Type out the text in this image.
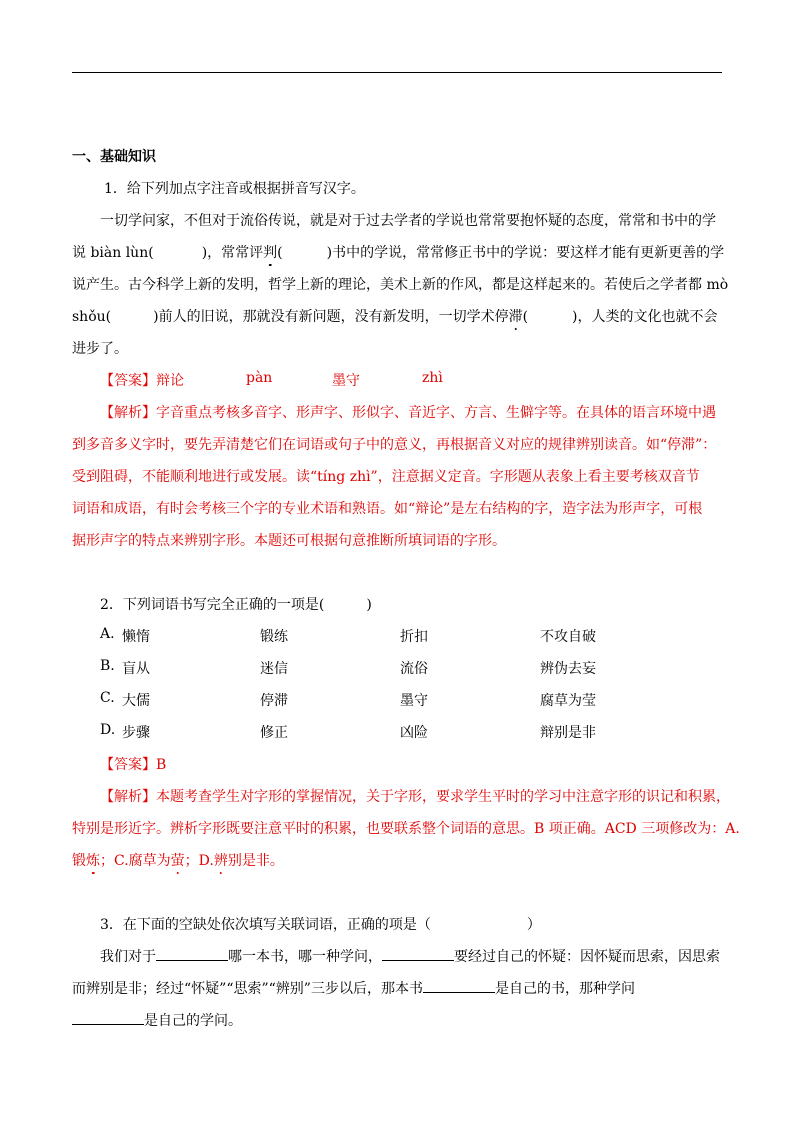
一、基础知识
1．给下列加点字注音或根据拼音写汉字。
一切学问家，不但对于流俗传说，就是对于过去学者的学说也常常要抱怀疑的态度，常常和书中的学
说 biàn lùn(	)，常常评判(	)书中的学说，常常修正书中的学说：要这样才能有更新更善的学
说产生。古今科学上新的发明，哲学上新的理论，美术上新的作风，都是这样起来的。若使后之学者都 mò
shǒu(	)前人的旧说，那就没有新问题，没有新发明，一切学术停滞(	)，人类的文化也就不会
进步了。
【答案】 辩论	pàn	墨守	zhì
【解析】字音重点考核多音字、形声字、形似字、音近字、方言、生僻字等。在具体的语言环境中遇
到多音多义字时，要先弄清楚它们在词语或句子中的意义，再根据音义对应的规律辨别读音。如“停滞”：
受到阻碍，不能顺利地进行或发展。读“tíng zhì”，注意据义定音。字形题从表象上看主要考核双音节
词语和成语，有时会考核三个字的专业术语和熟语。如“辩论”是左右结构的字，造字法为形声字，可根
据形声字的特点来辨别字形。本题还可根据句意推断所填词语的字形。
2．下列词语书写完全正确的一项是(	)
A. 懒惰	锻练	折扣	不攻自破
B. 盲从	迷信	流俗	辨伪去妄
C. 大儒	停滞	墨守	腐草为莹
D. 步骤	修正	凶险	辩别是非
【答案】B
【解析】本题考查学生对字形的掌握情况，关于字形，要求学生平时的学习中注意字形的识记和积累，
特别是形近字。辨析字形既要注意平时的积累，也要联系整个词语的意思。B 项正确。ACD 三项修改为：A.
锻炼；C.腐草为萤；D.辨别是非。
3．在下面的空缺处依次填写关联词语，正确的项是（	）
我们对于	哪一本书，哪一种学问，	要经过自己的怀疑：因怀疑而思索，因思索
而辨别是非；经过“怀疑”“思索”“辨别”三步以后，那本书	是自己的书，那种学问
是自己的学问。
